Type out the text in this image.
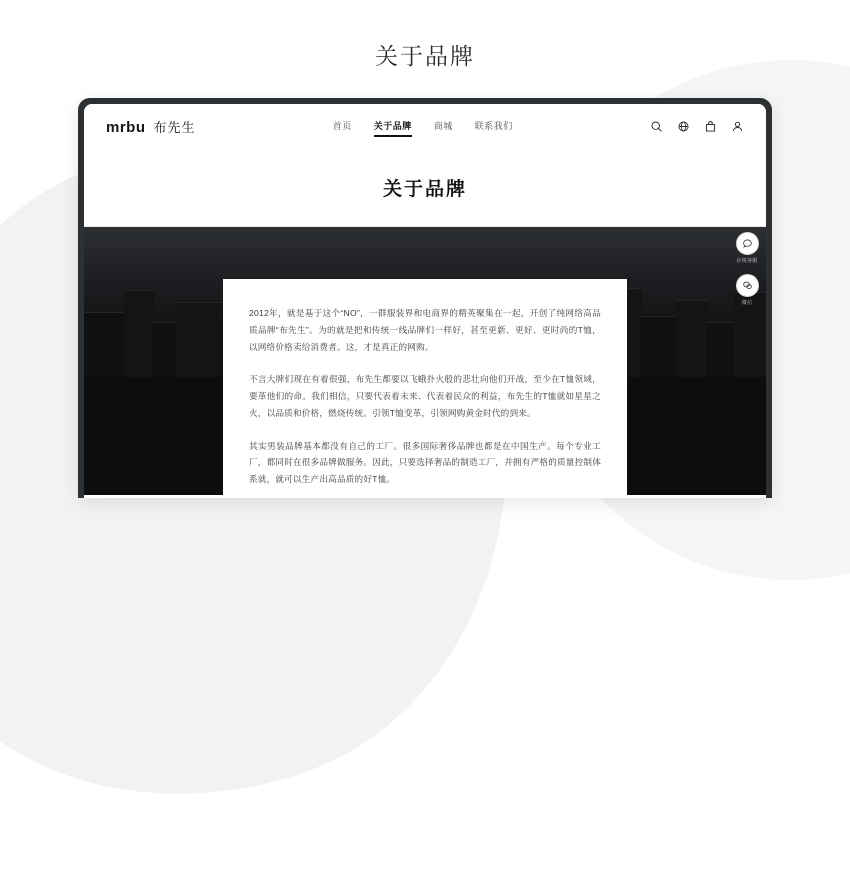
关于品牌
mrbu 布先生	首页 关于品牌 商城 联系我们
关于品牌

2012年，就是基于这个“NO”，一群服装界和电商界的精英聚集在一起，开创了纯网络高品质品牌“布先生”。为的就是把和传统一线品牌们一样好，甚至更新、更好、更时尚的T恤，以网络价格卖给消费者。这，才是真正的网购。

不言大牌们现在有着很强，布先生都要以飞蛾扑火般的悲壮向他们开战，至少在T恤领域，要革他们的命。我们相信，只要代表着未来、代表着民众的利益，布先生的T恤就如星星之火，以品质和价格，燃烧传统。引领T恤变革，引领网购黄金时代的到来。

其实男装品牌基本都没有自己的工厂。很多国际奢侈品牌也都是在中国生产。每个专业工厂，都同时在很多品牌做服务。因此，只要选择奢品的制造工厂，并拥有严格的质量控制体系就，就可以生产出高品质的好T恤。

在线客服
微信
